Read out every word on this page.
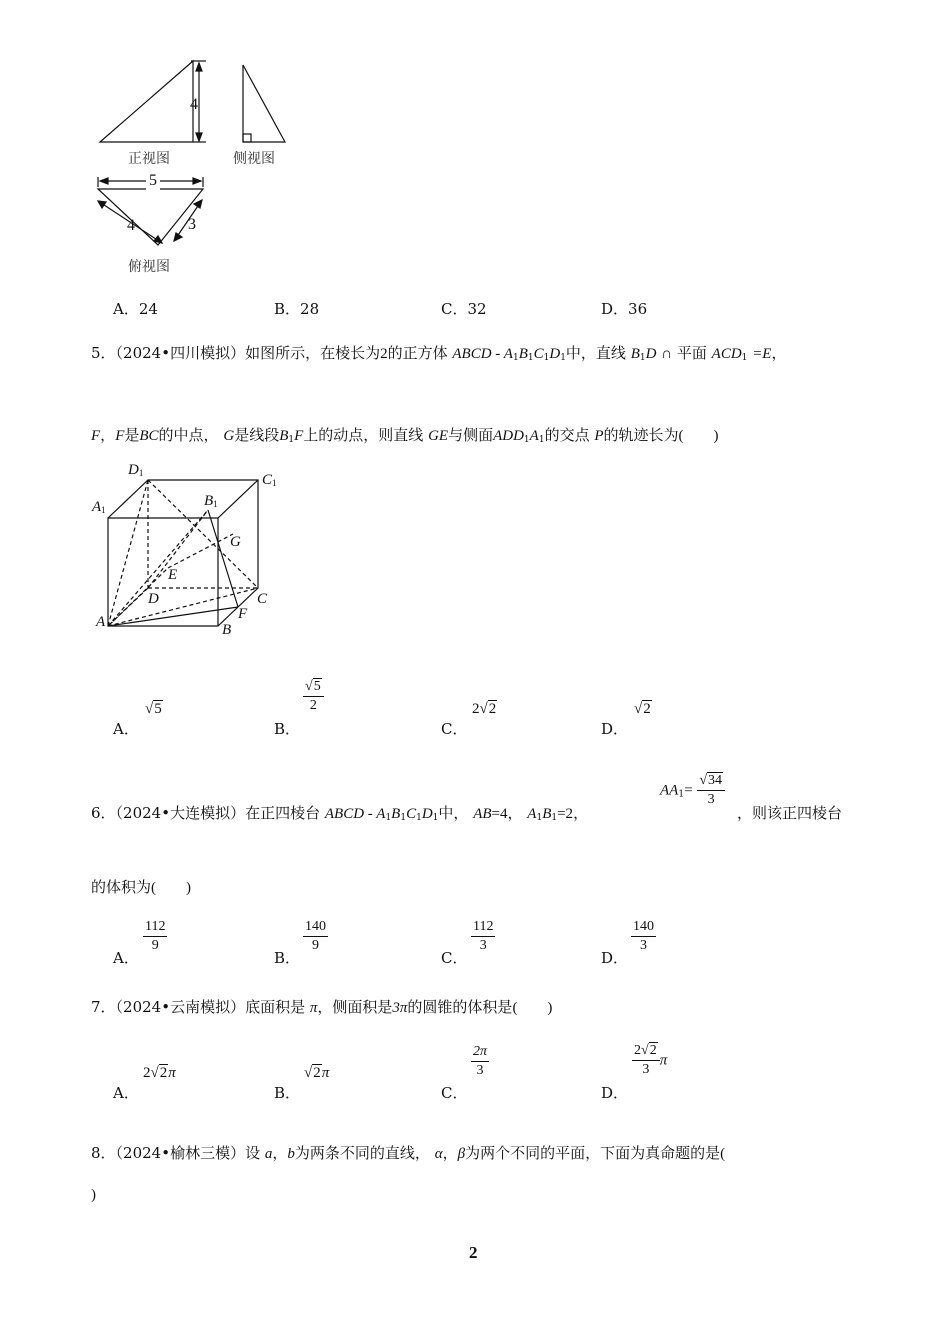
4
正视图	侧视图
5
4	3
俯视图
A．24	B．28	C．32	D．36
5．（2024•四川模拟）如图所示，在棱长为2的正方体 ABCD - $A_1B_1C_1D_1$中，直线 $B_1D$ ∩ 平面 $ACD_1 =E$，
F，F是BC的中点， G是线段$B_1F$上的动点，则直线 GE与侧面$ADD_1A_1$的交点 P的轨迹长为(　　)
$D_1$	$C_1$
$A_1$
$B_1$
G
E
D	C
A	F
B
A．
√5
B．
$\frac{√5}{2}$
C．
2√2
D．
√2
6．（2024•大连模拟）在正四棱台 ABCD - $A_1B_1C_1D_1$中， AB=4， $A_1B_1=2$，
$AA_1= \frac{√34}{3}$
，则该正四棱台
的体积为(　　)
A．
$\frac{112}{9}$
B．
$\frac{140}{9}$
C．
$\frac{112}{3}$
D．
$\frac{140}{3}$
7．（2024•云南模拟）底面积是 π，侧面积是3π的圆锥的体积是(　　)
A．
2√2π
B．
√2π
C．
$\frac{2\pi}{3}$
D．
$\frac{2√2}{3}$ π
8．（2024•榆林三模）设 a，b为两条不同的直线， α，β为两个不同的平面，下面为真命题的是(
)
2
